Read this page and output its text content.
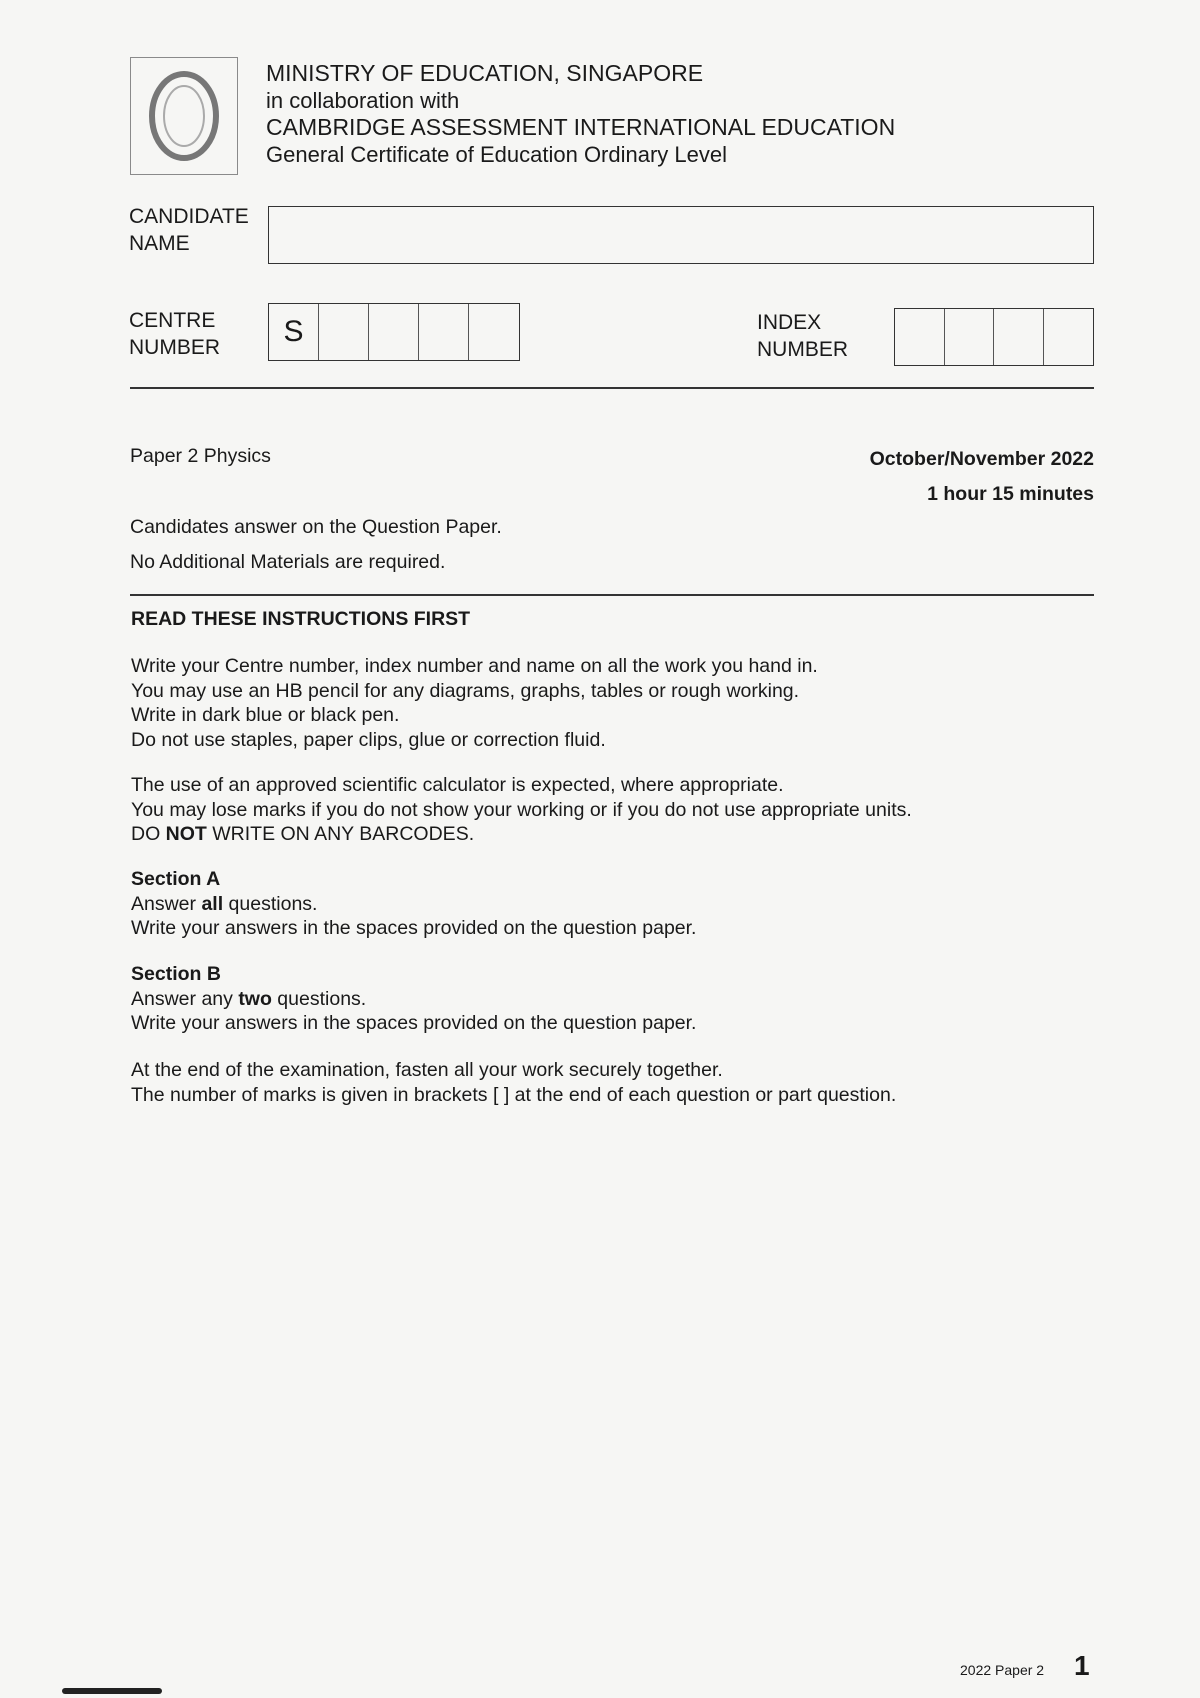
MINISTRY OF EDUCATION, SINGAPORE
in collaboration with
CAMBRIDGE ASSESSMENT INTERNATIONAL EDUCATION
General Certificate of Education Ordinary Level
CANDIDATE
NAME
CENTRE
NUMBER	S	INDEX
NUMBER
Paper 2 Physics	October/November 2022
1 hour 15 minutes
Candidates answer on the Question Paper.
No Additional Materials are required.
READ THESE INSTRUCTIONS FIRST
Write your Centre number, index number and name on all the work you hand in.
You may use an HB pencil for any diagrams, graphs, tables or rough working.
Write in dark blue or black pen.
Do not use staples, paper clips, glue or correction fluid.
The use of an approved scientific calculator is expected, where appropriate.
You may lose marks if you do not show your working or if you do not use appropriate units.
DO NOT WRITE ON ANY BARCODES.
Section A
Answer all questions.
Write your answers in the spaces provided on the question paper.
Section B
Answer any two questions.
Write your answers in the spaces provided on the question paper.
At the end of the examination, fasten all your work securely together.
The number of marks is given in brackets [ ] at the end of each question or part question.
2022 Paper 2 1
